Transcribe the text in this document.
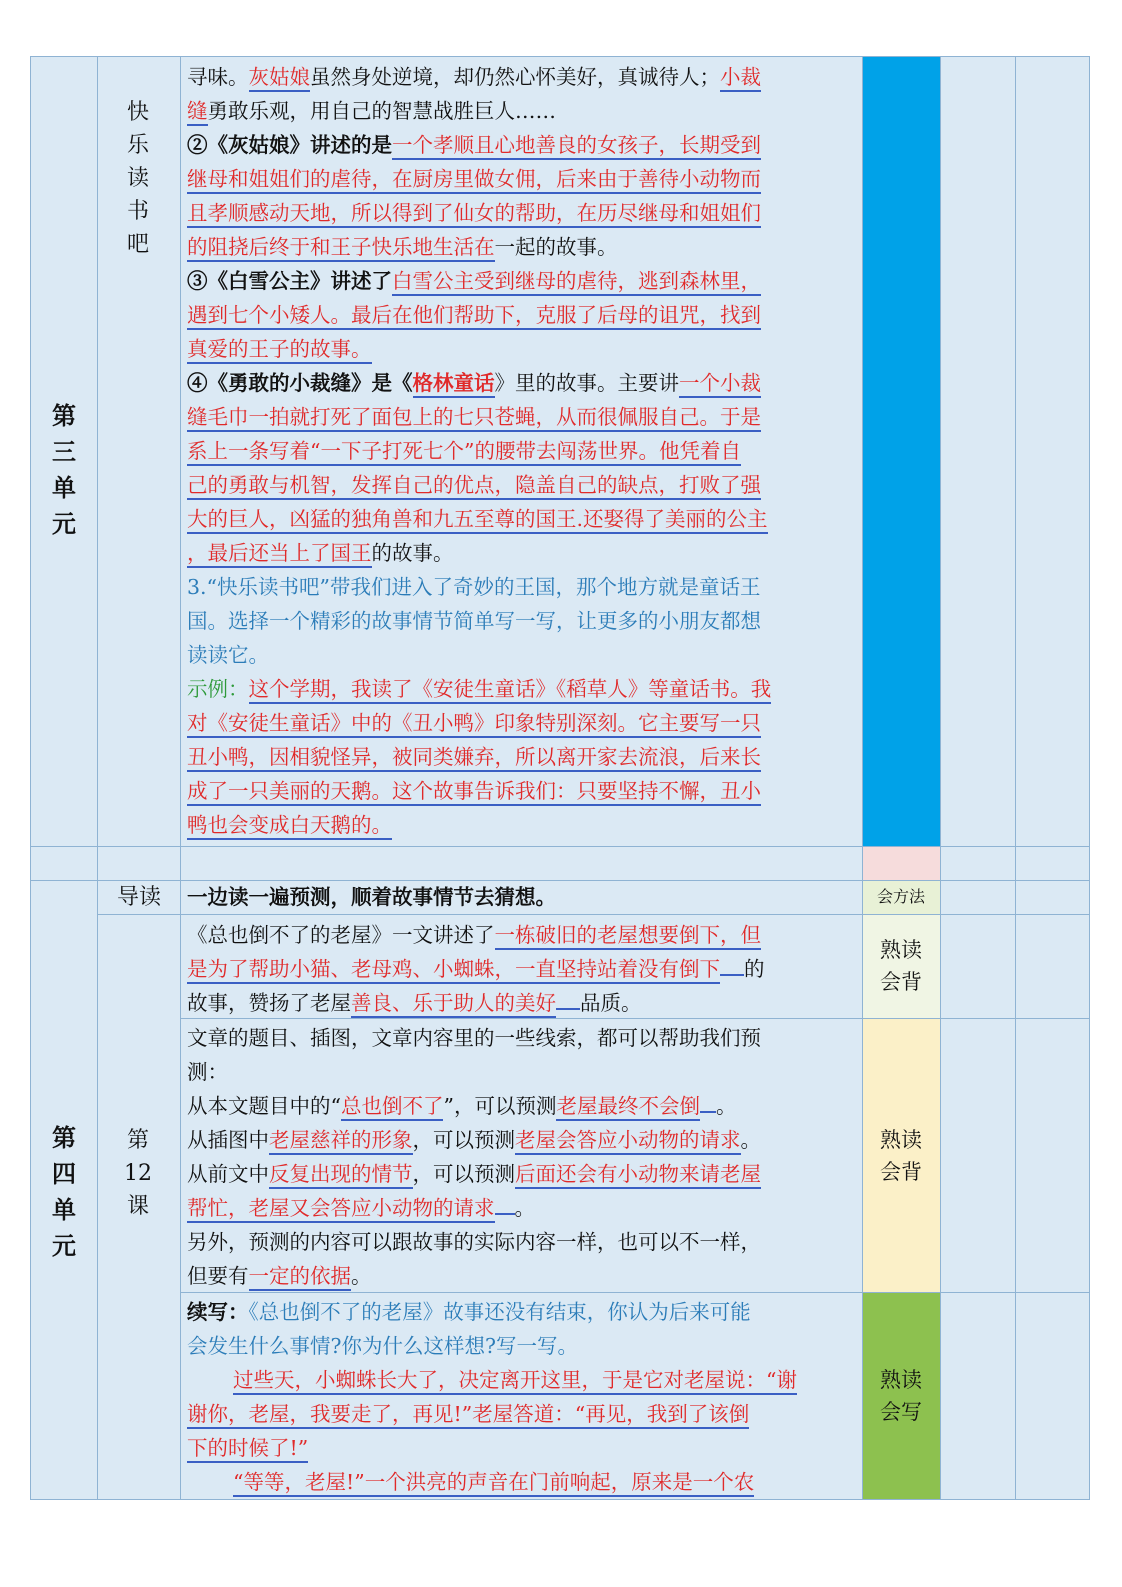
第
三
单
元
快
乐
读
书
吧
寻味。灰姑娘虽然身处逆境，却仍然心怀美好，真诚待人；小裁
缝勇敢乐观，用自己的智慧战胜巨人……
②《灰姑娘》讲述的是一个孝顺且心地善良的女孩子，长期受到
继母和姐姐们的虐待，在厨房里做女佣，后来由于善待小动物而
且孝顺感动天地，所以得到了仙女的帮助，在历尽继母和姐姐们
的阻挠后终于和王子快乐地生活在一起的故事。
③《白雪公主》讲述了白雪公主受到继母的虐待，逃到森林里，
遇到七个小矮人。最后在他们帮助下，克服了后母的诅咒，找到
真爱的王子的故事。
④《勇敢的小裁缝》是《格林童话》里的故事。主要讲一个小裁
缝毛巾一拍就打死了面包上的七只苍蝇，从而很佩服自己。于是
系上一条写着“一下子打死七个”的腰带去闯荡世界。他凭着自
己的勇敢与机智，发挥自己的优点，隐盖自己的缺点，打败了强
大的巨人，凶猛的独角兽和九五至尊的国王.还娶得了美丽的公主
，最后还当上了国王的故事。
3.“快乐读书吧”带我们进入了奇妙的王国，那个地方就是童话王
国。选择一个精彩的故事情节简单写一写，让更多的小朋友都想
读读它。
示例：这个学期，我读了《安徒生童话》《稻草人》等童话书。我
对《安徒生童话》中的《丑小鸭》印象特别深刻。它主要写一只
丑小鸭，因相貌怪异，被同类嫌弃，所以离开家去流浪，后来长
成了一只美丽的天鹅。这个故事告诉我们：只要坚持不懈，丑小
鸭也会变成白天鹅的。
第
四
单
元
导读
第
12
课
一边读一遍预测，顺着故事情节去猜想。	会方法
《总也倒不了的老屋》一文讲述了一栋破旧的老屋想要倒下，但
是为了帮助小猫、老母鸡、小蜘蛛，一直坚持站着没有倒下 的
故事，赞扬了老屋善良、乐于助人的美好 品质。
熟读
会背
文章的题目、插图，文章内容里的一些线索，都可以帮助我们预
测：
从本文题目中的“总也倒不了”，可以预测老屋最终不会倒 。
从插图中老屋慈祥的形象，可以预测老屋会答应小动物的请求。
从前文中反复出现的情节，可以预测后面还会有小动物来请老屋
帮忙，老屋又会答应小动物的请求 。
另外，预测的内容可以跟故事的实际内容一样，也可以不一样，
但要有一定的依据。
熟读
会背
续写：《总也倒不了的老屋》故事还没有结束，你认为后来可能
会发生什么事情?你为什么这样想?写一写。
过些天，小蜘蛛长大了，决定离开这里，于是它对老屋说：“谢
谢你，老屋，我要走了，再见!”老屋答道：“再见，我到了该倒
下的时候了!”
“等等，老屋!”一个洪亮的声音在门前响起，原来是一个农
熟读
会写
